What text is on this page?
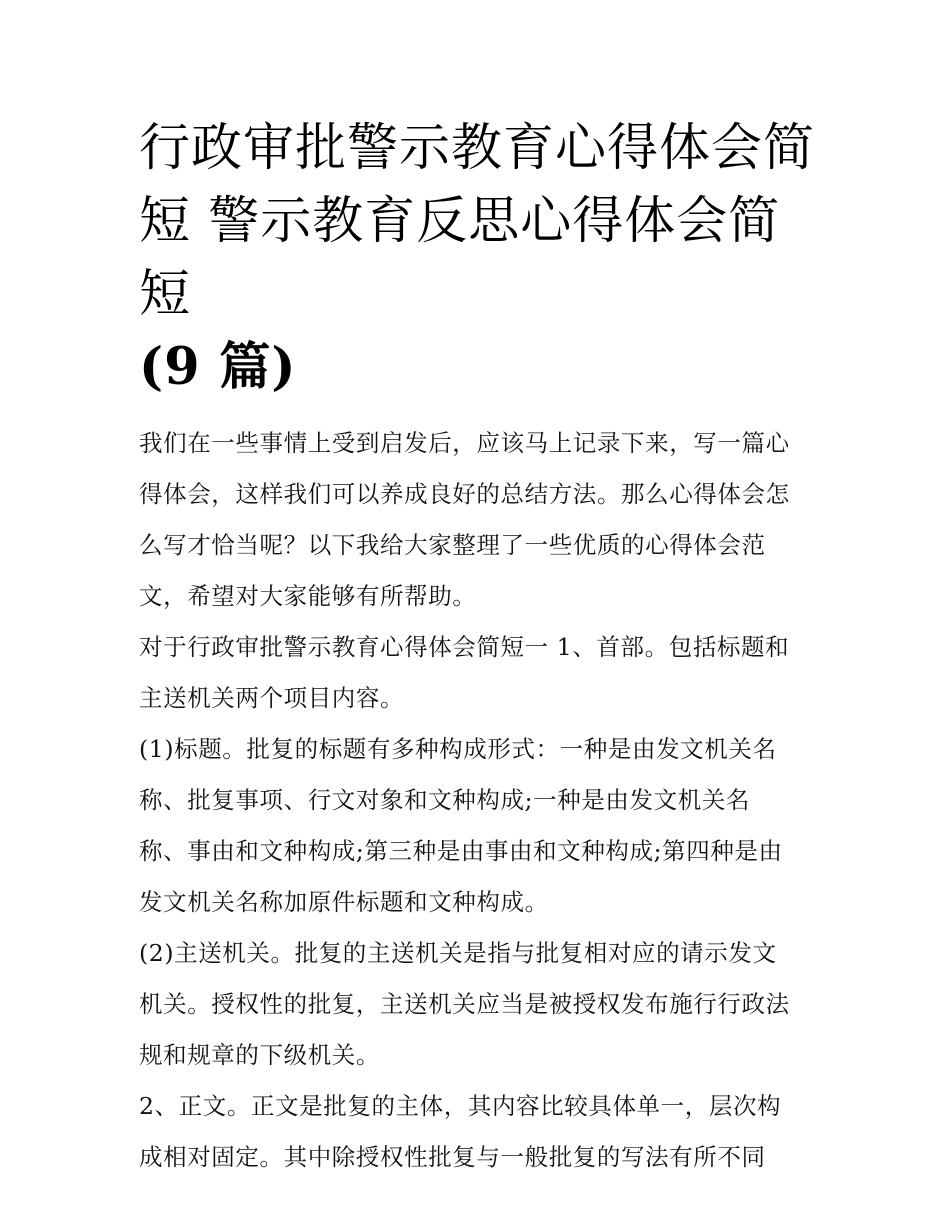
行政审批警示教育心得体会简
短 警示教育反思心得体会简短
(9 篇)

我们在一些事情上受到启发后，应该马上记录下来，写一篇心
得体会，这样我们可以养成良好的总结方法。那么心得体会怎
么写才恰当呢？以下我给大家整理了一些优质的心得体会范
文，希望对大家能够有所帮助。

对于行政审批警示教育心得体会简短一 1、首部。包括标题和
主送机关两个项目内容。

(1)标题。批复的标题有多种构成形式：一种是由发文机关名
称、批复事项、行文对象和文种构成;一种是由发文机关名
称、事由和文种构成;第三种是由事由和文种构成;第四种是由
发文机关名称加原件标题和文种构成。

(2)主送机关。批复的主送机关是指与批复相对应的请示发文
机关。授权性的批复，主送机关应当是被授权发布施行行政法
规和规章的下级机关。

2、正文。正文是批复的主体，其内容比较具体单一，层次构
成相对固定。其中除授权性批复与一般批复的写法有所不同
